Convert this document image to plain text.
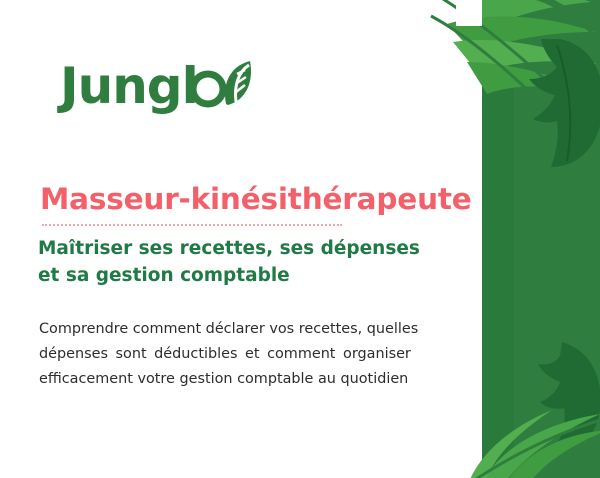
Jungl
Masseur-kinésithérapeute
Maîtriser ses recettes, ses dépenses
et sa gestion comptable
Comprendre comment déclarer vos recettes, quelles
dépenses sont déductibles et comment organiser
efficacement votre gestion comptable au quotidien
